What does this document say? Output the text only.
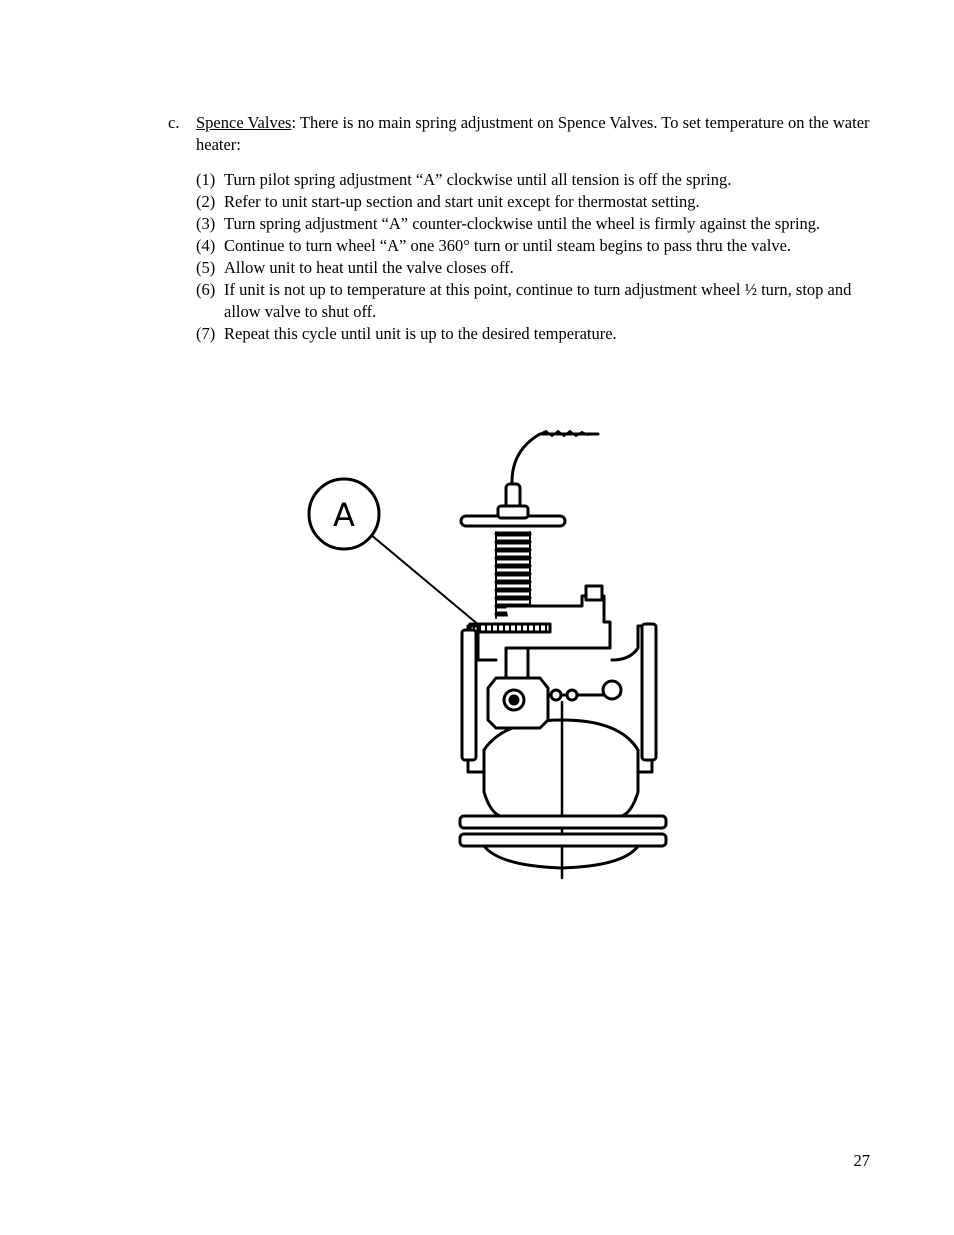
c.	Spence Valves: There is no main spring adjustment on Spence Valves. To set temperature on the water heater:
(1) Turn pilot spring adjustment “A” clockwise until all tension is off the spring.
(2) Refer to unit start-up section and start unit except for thermostat setting.
(3) Turn spring adjustment “A” counter-clockwise until the wheel is firmly against the spring.
(4) Continue to turn wheel “A” one 360° turn or until steam begins to pass thru the valve.
(5) Allow unit to heat until the valve closes off.
(6) If unit is not up to temperature at this point, continue to turn adjustment wheel ½ turn, stop and allow valve to shut off.
(7) Repeat this cycle until unit is up to the desired temperature.
A
27
